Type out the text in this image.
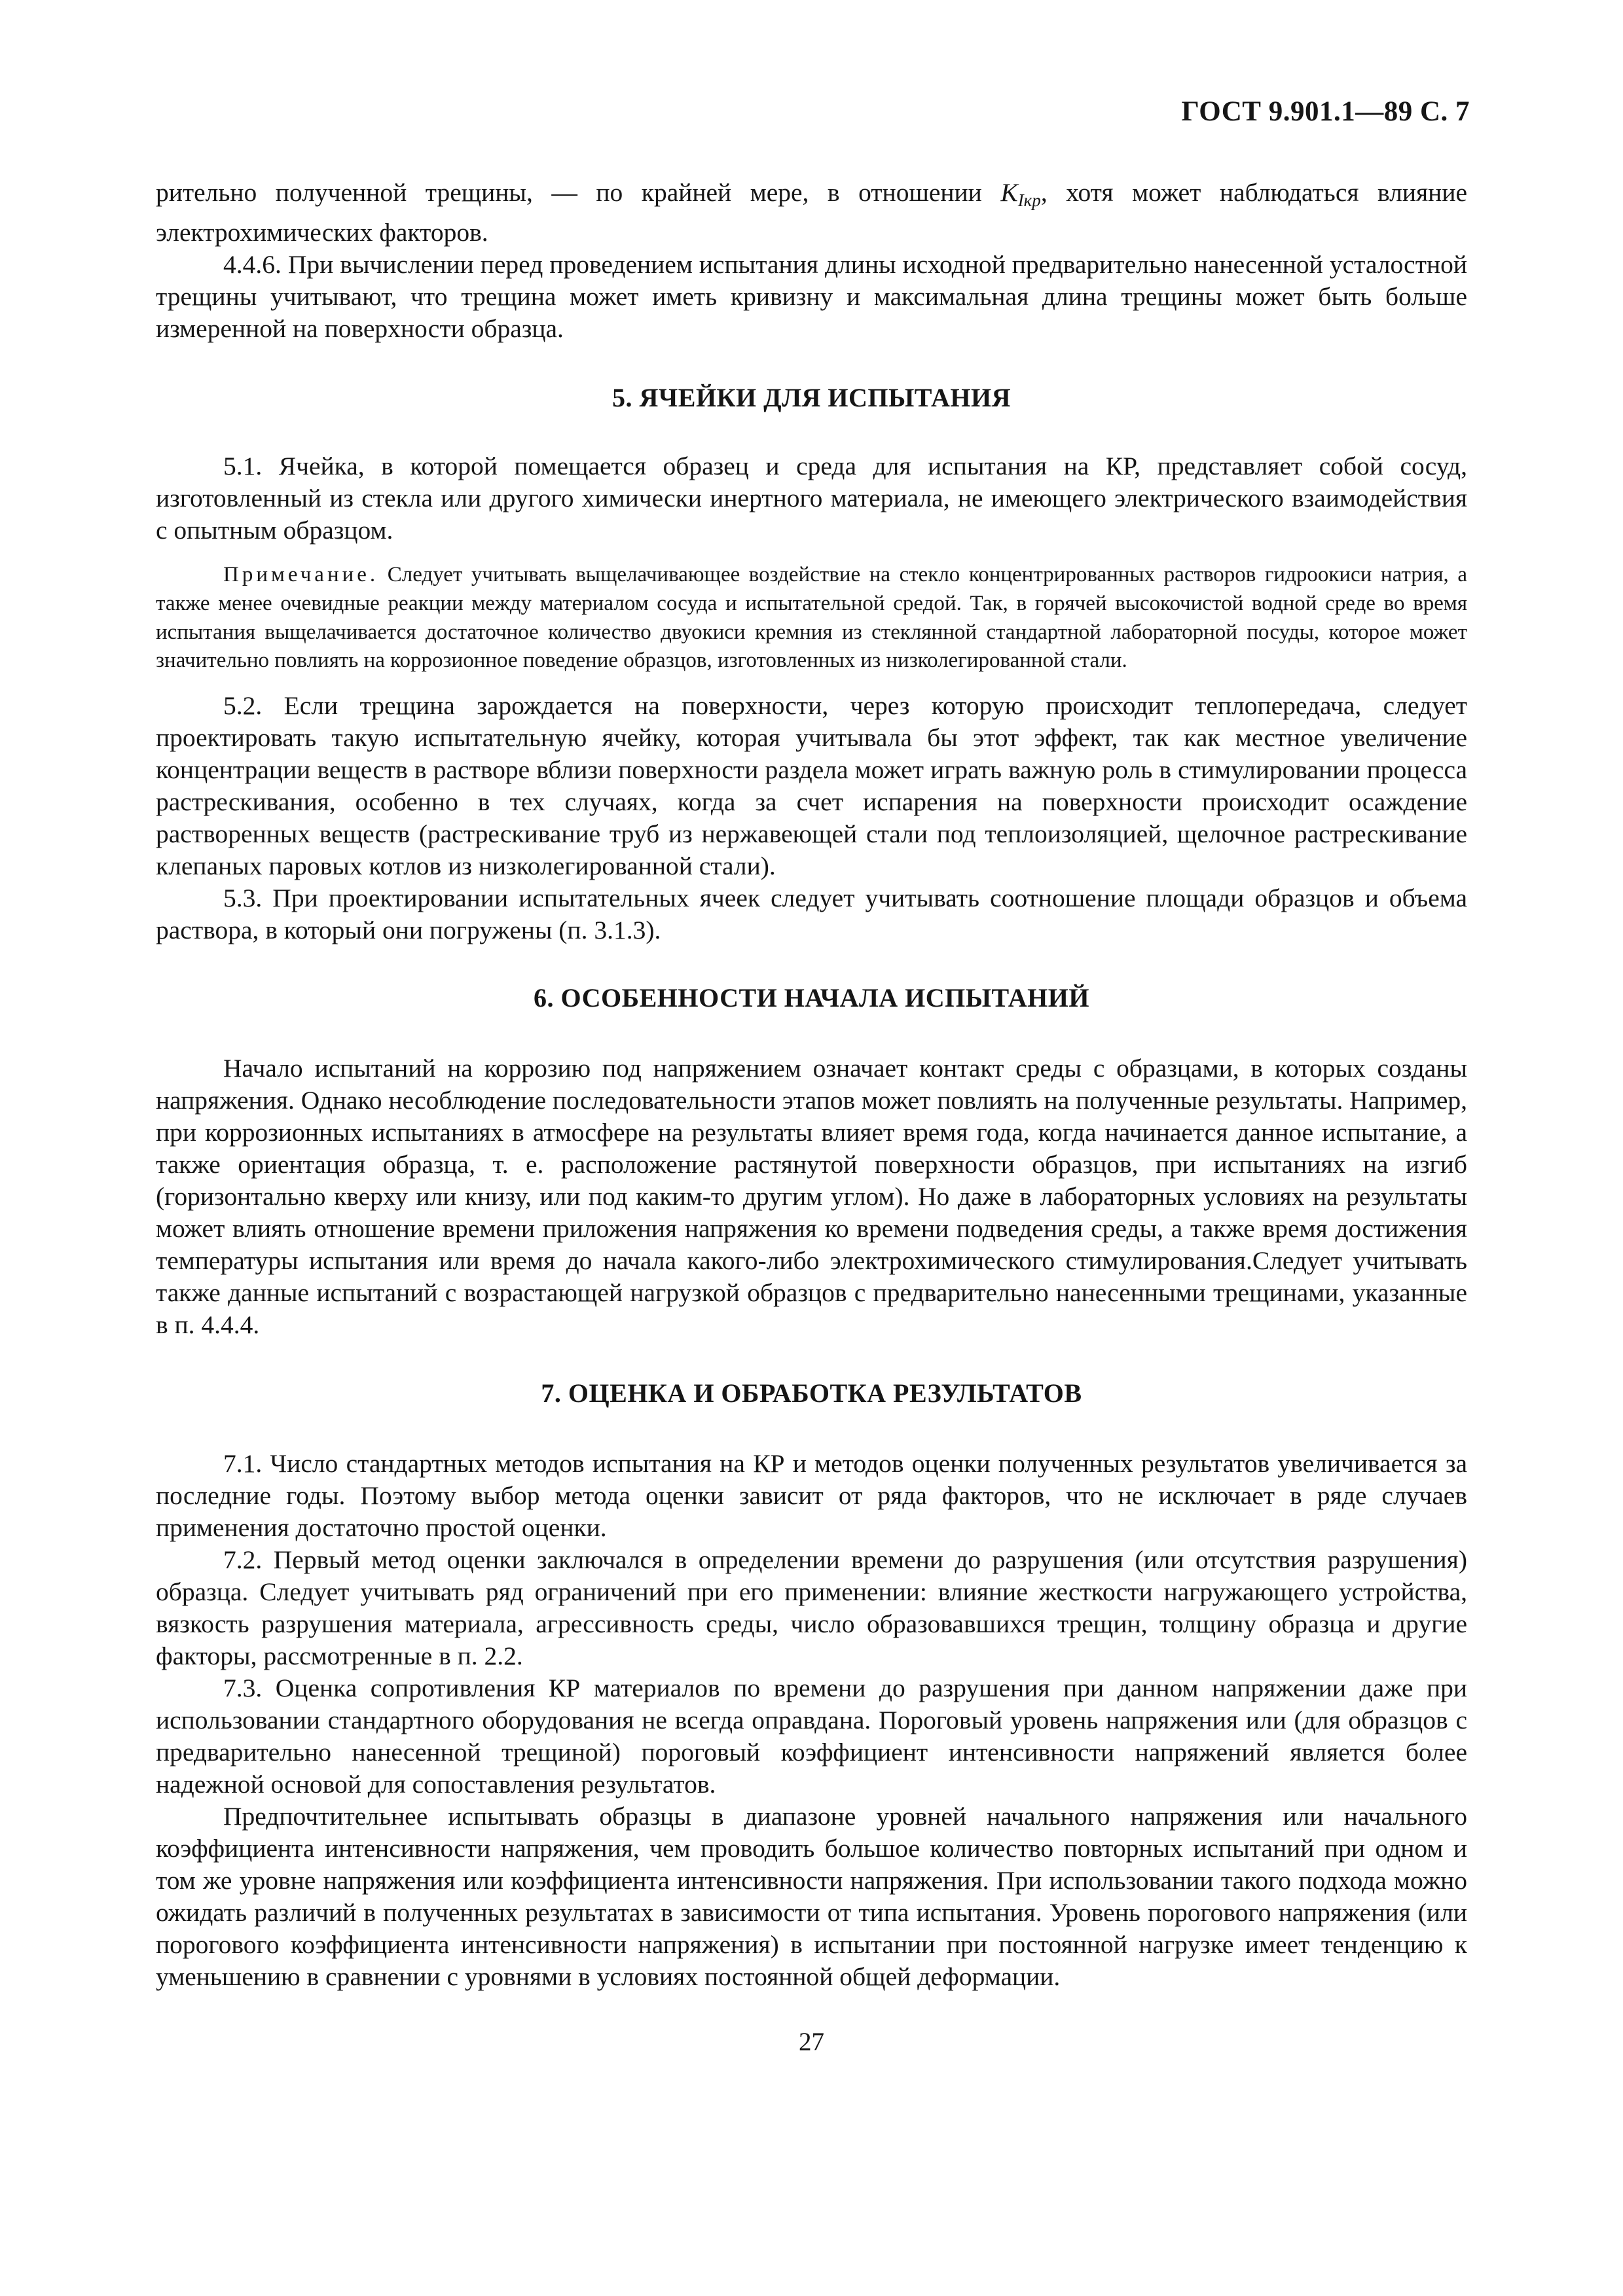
ГОСТ 9.901.1—89 С. 7

рительно полученной трещины, — по крайней мере, в отношении $K_{Iкр}$, хотя может наблюдаться влияние электрохимических факторов.

4.4.6. При вычислении перед проведением испытания длины исходной предварительно нанесенной усталостной трещины учитывают, что трещина может иметь кривизну и максимальная длина трещины может быть больше измеренной на поверхности образца.

5. ЯЧЕЙКИ ДЛЯ ИСПЫТАНИЯ

5.1. Ячейка, в которой помещается образец и среда для испытания на КР, представляет собой сосуд, изготовленный из стекла или другого химически инертного материала, не имеющего электрического взаимодействия с опытным образцом.

Примечание. Следует учитывать выщелачивающее воздействие на стекло концентрированных растворов гидроокиси натрия, а также менее очевидные реакции между материалом сосуда и испытательной средой. Так, в горячей высокочистой водной среде во время испытания выщелачивается достаточное количество двуокиси кремния из стеклянной стандартной лабораторной посуды, которое может значительно повлиять на коррозионное поведение образцов, изготовленных из низколегированной стали.

5.2. Если трещина зарождается на поверхности, через которую происходит теплопередача, следует проектировать такую испытательную ячейку, которая учитывала бы этот эффект, так как местное увеличение концентрации веществ в растворе вблизи поверхности раздела может играть важную роль в стимулировании процесса растрескивания, особенно в тех случаях, когда за счет испарения на поверхности происходит осаждение растворенных веществ (растрескивание труб из нержавеющей стали под теплоизоляцией, щелочное растрескивание клепаных паровых котлов из низколегированной стали).

5.3. При проектировании испытательных ячеек следует учитывать соотношение площади образцов и объема раствора, в который они погружены (п. 3.1.3).

6. ОСОБЕННОСТИ НАЧАЛА ИСПЫТАНИЙ

Начало испытаний на коррозию под напряжением означает контакт среды с образцами, в которых созданы напряжения. Однако несоблюдение последовательности этапов может повлиять на полученные результаты. Например, при коррозионных испытаниях в атмосфере на результаты влияет время года, когда начинается данное испытание, а также ориентация образца, т. е. расположение растянутой поверхности образцов, при испытаниях на изгиб (горизонтально кверху или книзу, или под каким-то другим углом). Но даже в лабораторных условиях на результаты может влиять отношение времени приложения напряжения ко времени подведения среды, а также время достижения температуры испытания или время до начала какого-либо электрохимического стимулирования.Следует учитывать также данные испытаний с возрастающей нагрузкой образцов с предварительно нанесенными трещинами, указанные в п. 4.4.4.

7. ОЦЕНКА И ОБРАБОТКА РЕЗУЛЬТАТОВ

7.1. Число стандартных методов испытания на КР и методов оценки полученных результатов увеличивается за последние годы. Поэтому выбор метода оценки зависит от ряда факторов, что не исключает в ряде случаев применения достаточно простой оценки.

7.2. Первый метод оценки заключался в определении времени до разрушения (или отсутствия разрушения) образца. Следует учитывать ряд ограничений при его применении: влияние жесткости нагружающего устройства, вязкость разрушения материала, агрессивность среды, число образовавшихся трещин, толщину образца и другие факторы, рассмотренные в п. 2.2.

7.3. Оценка сопротивления КР материалов по времени до разрушения при данном напряжении даже при использовании стандартного оборудования не всегда оправдана. Пороговый уровень напряжения или (для образцов с предварительно нанесенной трещиной) пороговый коэффициент интенсивности напряжений является более надежной основой для сопоставления результатов.

Предпочтительнее испытывать образцы в диапазоне уровней начального напряжения или начального коэффициента интенсивности напряжения, чем проводить большое количество повторных испытаний при одном и том же уровне напряжения или коэффициента интенсивности напряжения. При использовании такого подхода можно ожидать различий в полученных результатах в зависимости от типа испытания. Уровень порогового напряжения (или порогового коэффициента интенсивности напряжения) в испытании при постоянной нагрузке имеет тенденцию к уменьшению в сравнении с уровнями в условиях постоянной общей деформации.

27
